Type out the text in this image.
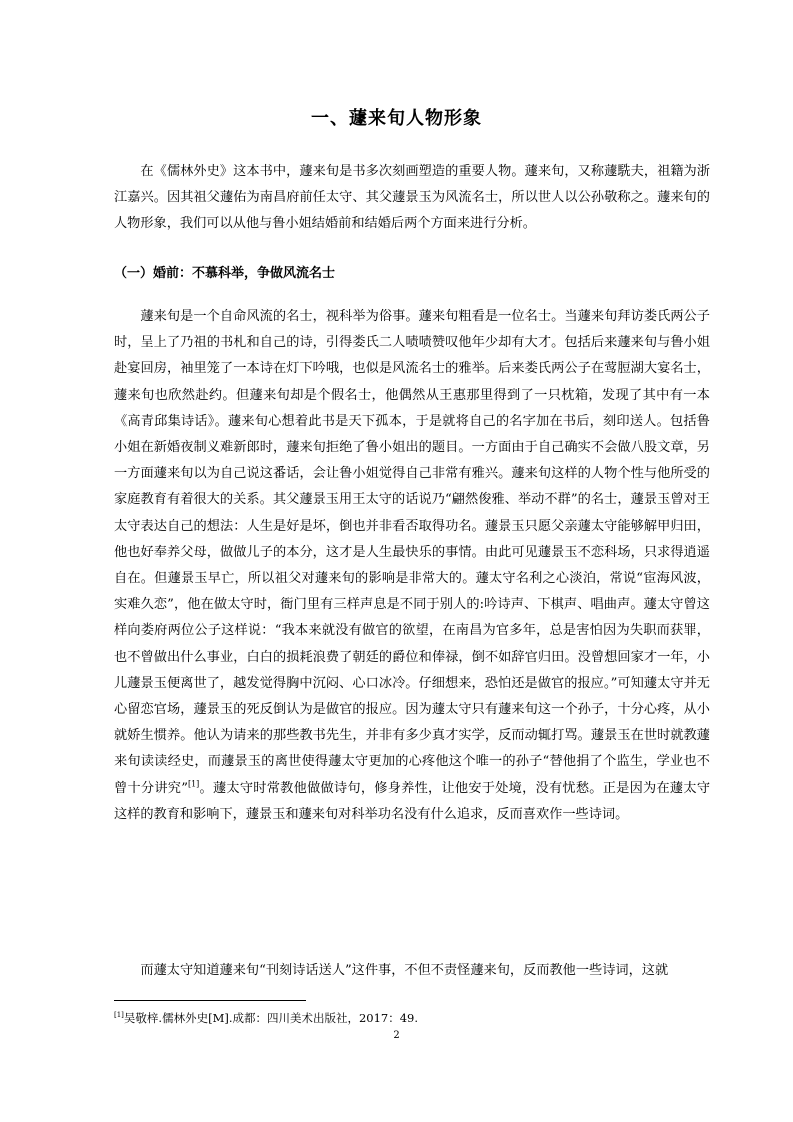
一、蘧来旬人物形象

在《儒林外史》这本书中，蘧来旬是书多次刻画塑造的重要人物。蘧来旬，又称蘧駪夫，祖籍为浙江嘉兴。因其祖父蘧佑为南昌府前任太守、其父蘧景玉为风流名士，所以世人以公孙敬称之。蘧来旬的人物形象，我们可以从他与鲁小姐结婚前和结婚后两个方面来进行分析。

（一）婚前：不慕科举，争做风流名士

蘧来旬是一个自命风流的名士，视科举为俗事。蘧来旬粗看是一位名士。当蘧来旬拜访娄氏两公子时，呈上了乃祖的书札和自己的诗，引得娄氏二人啧啧赞叹他年少却有大才。包括后来蘧来旬与鲁小姐赴宴回房，袖里笼了一本诗在灯下吟哦，也似是风流名士的雅举。后来娄氏两公子在莺脰湖大宴名士，蘧来旬也欣然赴约。但蘧来旬却是个假名士，他偶然从王惠那里得到了一只枕箱，发现了其中有一本《高青邱集诗话》。蘧来旬心想着此书是天下孤本，于是就将自己的名字加在书后，刻印送人。包括鲁小姐在新婚夜制义难新郎时，蘧来旬拒绝了鲁小姐出的题目。一方面由于自己确实不会做八股文章，另一方面蘧来旬以为自己说这番话，会让鲁小姐觉得自己非常有雅兴。蘧来旬这样的人物个性与他所受的家庭教育有着很大的关系。其父蘧景玉用王太守的话说乃“翩然俊雅、举动不群”的名士，蘧景玉曾对王太守表达自己的想法：人生是好是坏，倒也并非看否取得功名。蘧景玉只愿父亲蘧太守能够解甲归田，他也好奉养父母，做做儿子的本分，这才是人生最快乐的事情。由此可见蘧景玉不恋科场，只求得逍遥自在。但蘧景玉早亡，所以祖父对蘧来旬的影响是非常大的。蘧太守名利之心淡泊，常说“宦海风波，实难久恋”，他在做太守时，衙门里有三样声息是不同于别人的:吟诗声、下棋声、唱曲声。蘧太守曾这样向娄府两位公子这样说：“我本来就没有做官的欲望，在南昌为官多年，总是害怕因为失职而获罪，也不曾做出什么事业，白白的损耗浪费了朝廷的爵位和俸禄，倒不如辞官归田。没曾想回家才一年，小儿蘧景玉便离世了，越发觉得胸中沉闷、心口冰冷。仔细想来，恐怕还是做官的报应。”可知蘧太守并无心留恋官场，蘧景玉的死反倒认为是做官的报应。因为蘧太守只有蘧来旬这一个孙子，十分心疼，从小就娇生惯养。他认为请来的那些教书先生，并非有多少真才实学，反而动辄打骂。蘧景玉在世时就教蘧来旬读读经史，而蘧景玉的离世使得蘧太守更加的心疼他这个唯一的孙子“替他捐了个监生，学业也不曾十分讲究”[1]。蘧太守时常教他做做诗句，修身养性，让他安于处境，没有忧愁。正是因为在蘧太守这样的教育和影响下，蘧景玉和蘧来旬对科举功名没有什么追求，反而喜欢作一些诗词。

而蘧太守知道蘧来旬“刊刻诗话送人”这件事，不但不责怪蘧来旬，反而教他一些诗词，这就

[1]吴敬梓.儒林外史[M].成都：四川美术出版社，2017：49.
2
